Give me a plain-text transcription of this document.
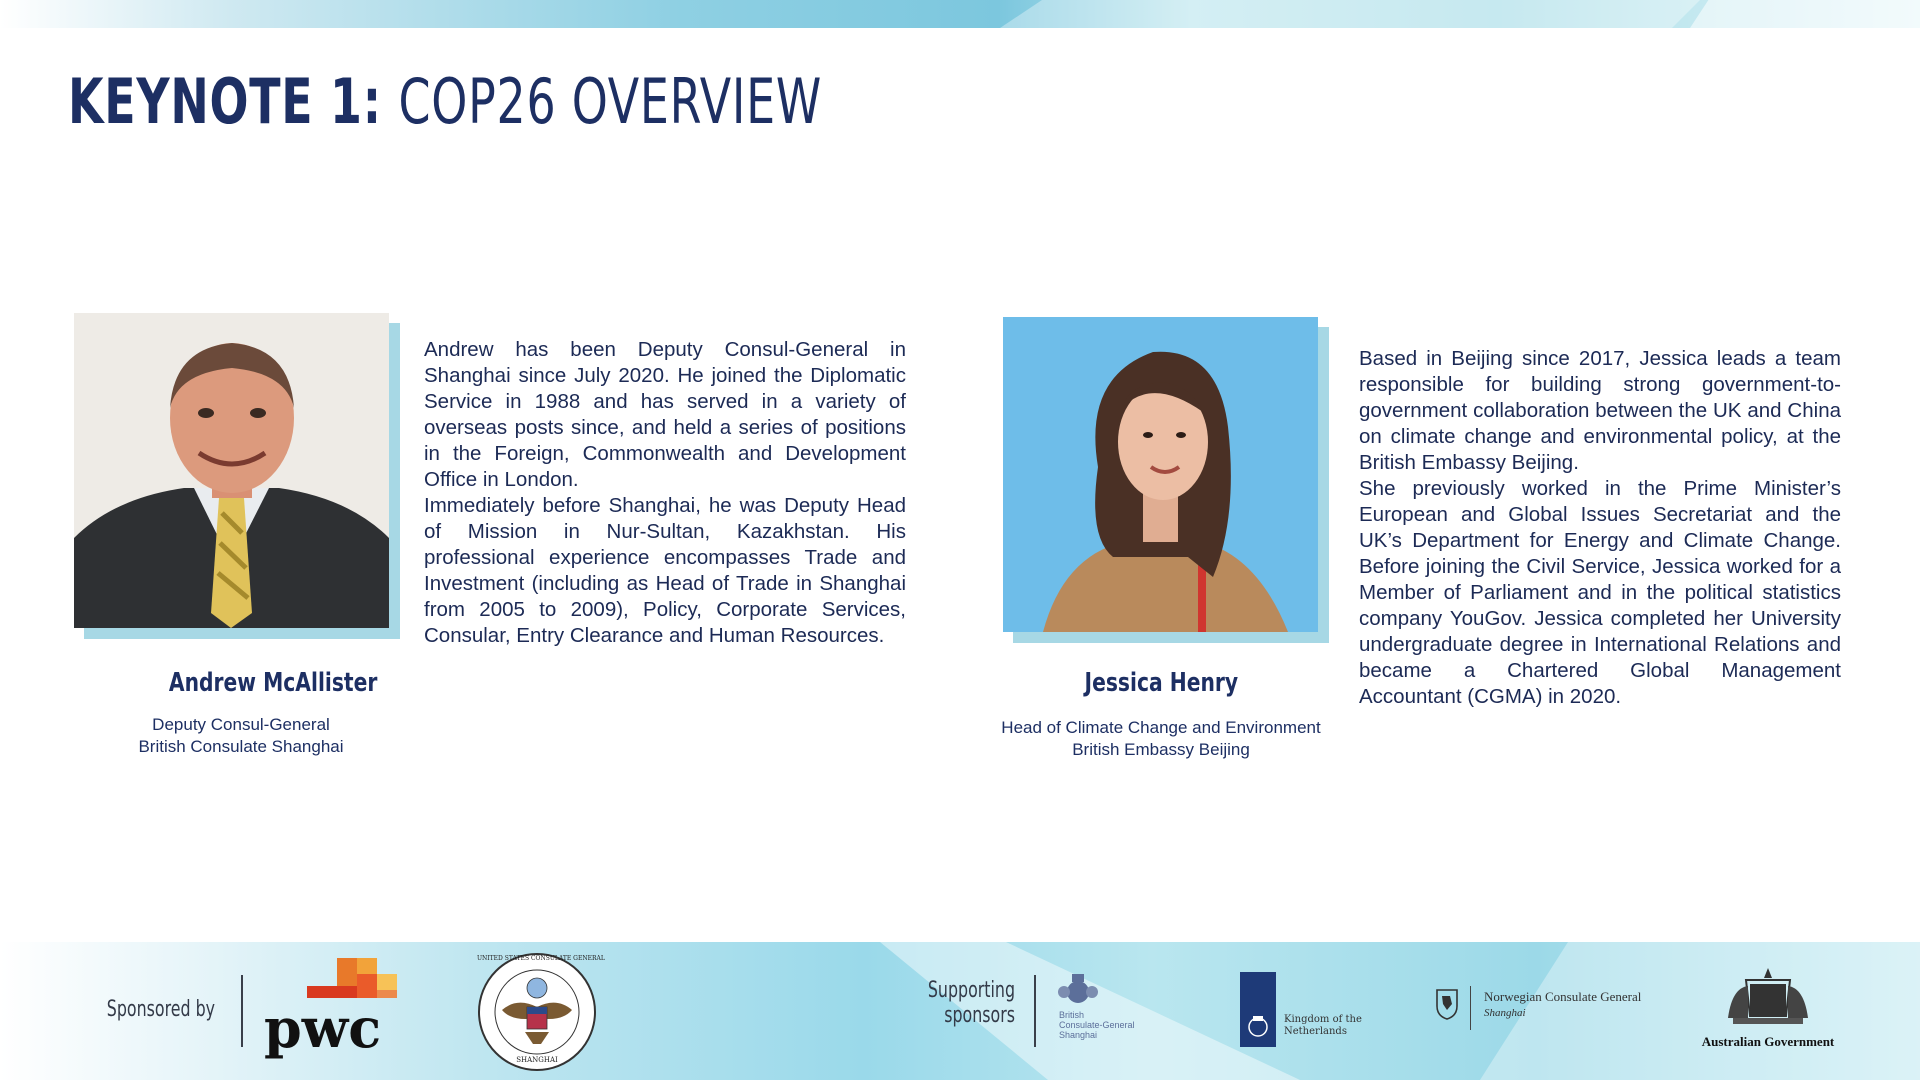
KEYNOTE 1: COP26 OVERVIEW
Andrew McAllister
Deputy Consul-General
British Consulate Shanghai

Andrew has been Deputy Consul-General in Shanghai since July 2020. He joined the Diplomatic Service in 1988 and has served in a variety of overseas posts since, and held a series of positions in the Foreign, Commonwealth and Development Office in London.

Immediately before Shanghai, he was Deputy Head of Mission in Nur-Sultan, Kazakhstan. His professional experience encompasses Trade and Investment (including as Head of Trade in Shanghai from 2005 to 2009), Policy, Corporate Services, Consular, Entry Clearance and Human Resources.

Jessica Henry
Head of Climate Change and Environment
British Embassy Beijing

Based in Beijing since 2017, Jessica leads a team responsible for building strong government-to-government collaboration between the UK and China on climate change and environmental policy, at the British Embassy Beijing.

She previously worked in the Prime Minister’s European and Global Issues Secretariat and the UK’s Department for Energy and Climate Change. Before joining the Civil Service, Jessica worked for a Member of Parliament and in the political statistics company YouGov. Jessica completed her University undergraduate degree in International Relations and became a Chartered Global Management Accountant (CGMA) in 2020.

Sponsored by pwc
UNITED STATES CONSULATE GENERAL
SHANGHAI
Supporting
sponsors	British
Consulate-General
Shanghai
Kingdom of the
Netherlands
Norwegian Consulate General
Shanghai
Australian Government
